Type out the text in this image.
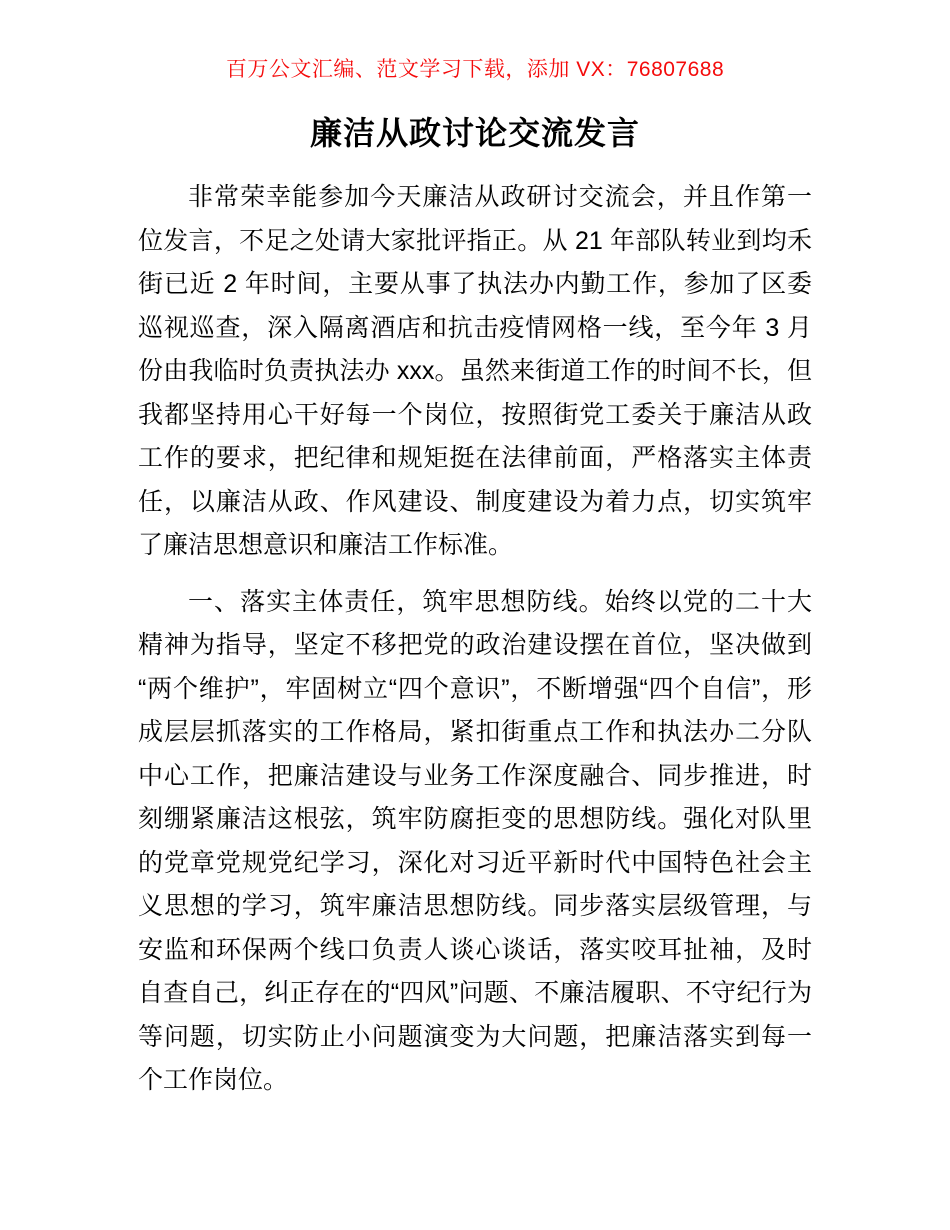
百万公文汇编、范文学习下载，添加 VX：76807688
廉洁从政讨论交流发言

非常荣幸能参加今天廉洁从政研讨交流会，并且作第一位发言，不足之处请大家批评指正。从 21 年部队转业到均禾街已近 2 年时间，主要从事了执法办内勤工作，参加了区委巡视巡查，深入隔离酒店和抗击疫情网格一线，至今年 3 月份由我临时负责执法办 xxx。虽然来街道工作的时间不长，但我都坚持用心干好每一个岗位，按照街党工委关于廉洁从政工作的要求，把纪律和规矩挺在法律前面，严格落实主体责任，以廉洁从政、作风建设、制度建设为着力点，切实筑牢了廉洁思想意识和廉洁工作标准。

一、落实主体责任，筑牢思想防线。始终以党的二十大精神为指导，坚定不移把党的政治建设摆在首位，坚决做到“两个维护”，牢固树立“四个意识”，不断增强“四个自信”，形成层层抓落实的工作格局，紧扣街重点工作和执法办二分队中心工作，把廉洁建设与业务工作深度融合、同步推进，时刻绷紧廉洁这根弦，筑牢防腐拒变的思想防线。强化对队里的党章党规党纪学习，深化对习近平新时代中国特色社会主义思想的学习，筑牢廉洁思想防线。同步落实层级管理，与安监和环保两个线口负责人谈心谈话，落实咬耳扯袖，及时自查自己，纠正存在的“四风”问题、不廉洁履职、不守纪行为等问题，切实防止小问题演变为大问题，把廉洁落实到每一个工作岗位。
